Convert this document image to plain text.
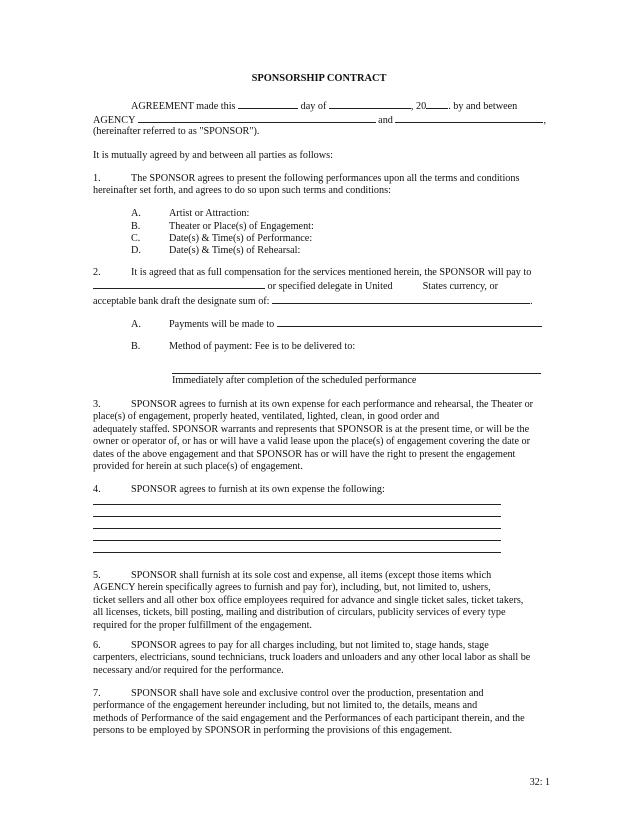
SPONSORSHIP CONTRACT
AGREEMENT made this	day of	, 20 . by and between
AGENCY	and	,
(hereinafter referred to as "SPONSOR").
It is mutually agreed by and between all parties as follows:
1.	The SPONSOR agrees to present the following performances upon all the terms and conditions
hereinafter set forth, and agrees to do so upon such terms and conditions:
A.	Artist or Attraction:
B.	Theater or Place(s) of Engagement:
C.	Date(s) & Time(s) of Performance:
D.	Date(s) & Time(s) of Rehearsal:
2.	It is agreed that as full compensation for the services mentioned herein, the SPONSOR will pay to
or specified delegate in United	States currency, or
acceptable bank draft the designate sum of:	.
A.	Payments will be made to
B.	Method of payment: Fee is to be delivered to:
Immediately after completion of the scheduled performance
3.	SPONSOR agrees to furnish at its own expense for each performance and rehearsal, the Theater or
place(s) of engagement, properly heated, ventilated, lighted, clean, in good order and
adequately staffed. SPONSOR warrants and represents that SPONSOR is at the present time, or will be the
owner or operator of, or has or will have a valid lease upon the place(s) of engagement covering the date or
dates of the above engagement and that SPONSOR has or will have the right to present the engagement
provided for herein at such place(s) of engagement.
4.	SPONSOR agrees to furnish at its own expense the following:
5.	SPONSOR shall furnish at its sole cost and expense, all items (except those items which
AGENCY herein specifically agrees to furnish and pay for), including, but, not limited to, ushers,
ticket sellers and all other box office employees required for advance and single ticket sales, ticket takers,
all licenses, tickets, bill posting, mailing and distribution of circulars, publicity services of every type
required for the proper fulfillment of the engagement.
6.	SPONSOR agrees to pay for all charges including, but not limited to, stage hands, stage
carpenters, electricians, sound technicians, truck loaders and unloaders and any other local labor as shall be
necessary and/or required for the performance.
7.	SPONSOR shall have sole and exclusive control over the production, presentation and
performance of the engagement hereunder including, but not limited to, the details, means and
methods of Performance of the said engagement and the Performances of each participant therein, and the
persons to be employed by SPONSOR in performing the provisions of this engagement.
32: 1
